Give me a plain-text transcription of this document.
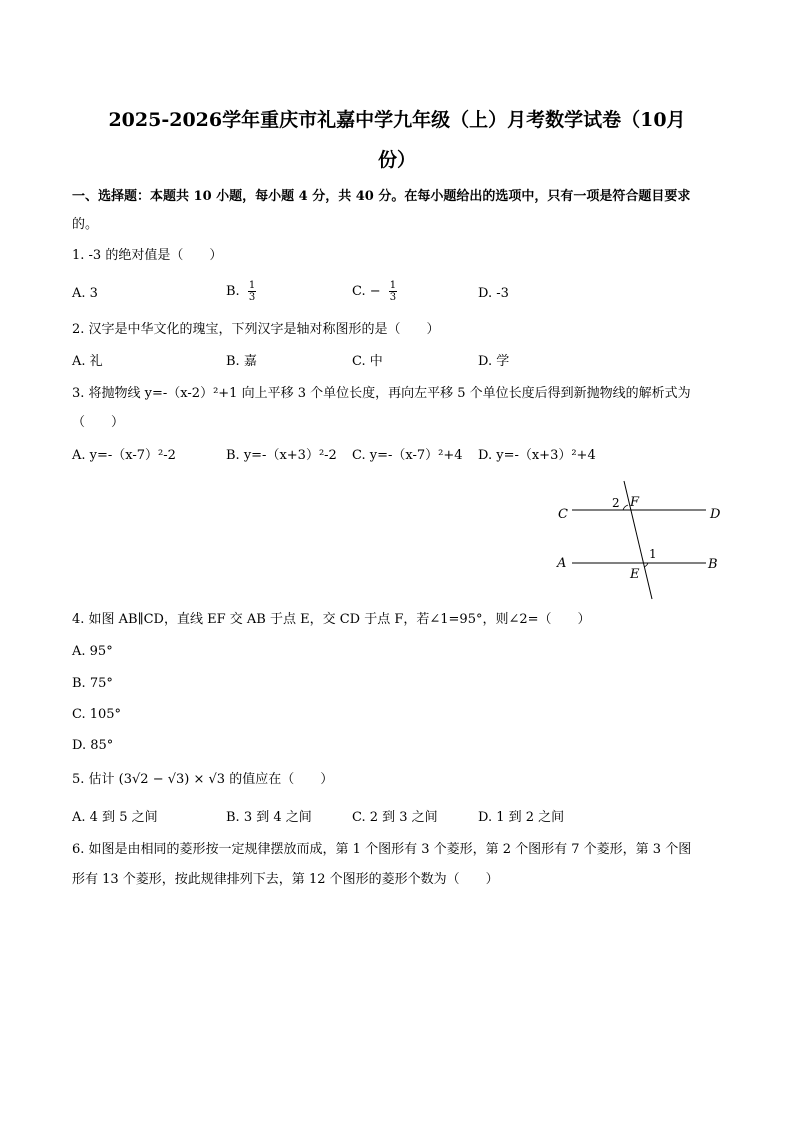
2025-2026学年重庆市礼嘉中学九年级（上）月考数学试卷（10月
份）
一、选择题：本题共 10 小题，每小题 4 分，共 40 分。在每小题给出的选项中，只有一项是符合题目要求
的。
1. -3 的绝对值是（　　）
A. 3	B. $\frac{1}{3}$	C. − $\frac{1}{3}$	D. -3
2. 汉字是中华文化的瑰宝，下列汉字是轴对称图形的是（　　）
A. 礼	B. 嘉	C. 中	D. 学
3. 将抛物线 y=-（x-2）²+1 向上平移 3 个单位长度，再向左平移 5 个单位长度后得到新抛物线的解析式为
（　　）
A. y=-（x-7）²-2	B. y=-（x+3）²-2 C. y=-（x-7）²+4 D. y=-（x+3）²+4
C	D
A	B
F
E
1
2
4. 如图 AB∥CD，直线 EF 交 AB 于点 E，交 CD 于点 F，若∠1=95°，则∠2=（　　）
A. 95°
B. 75°
C. 105°
D. 85°
5. 估计 (3√2 − √3) × √3 的值应在（　　）
A. 4 到 5 之间	B. 3 到 4 之间	C. 2 到 3 之间	D. 1 到 2 之间
6. 如图是由相同的菱形按一定规律摆放而成，第 1 个图形有 3 个菱形，第 2 个图形有 7 个菱形，第 3 个图
形有 13 个菱形，按此规律排列下去，第 12 个图形的菱形个数为（　　）
